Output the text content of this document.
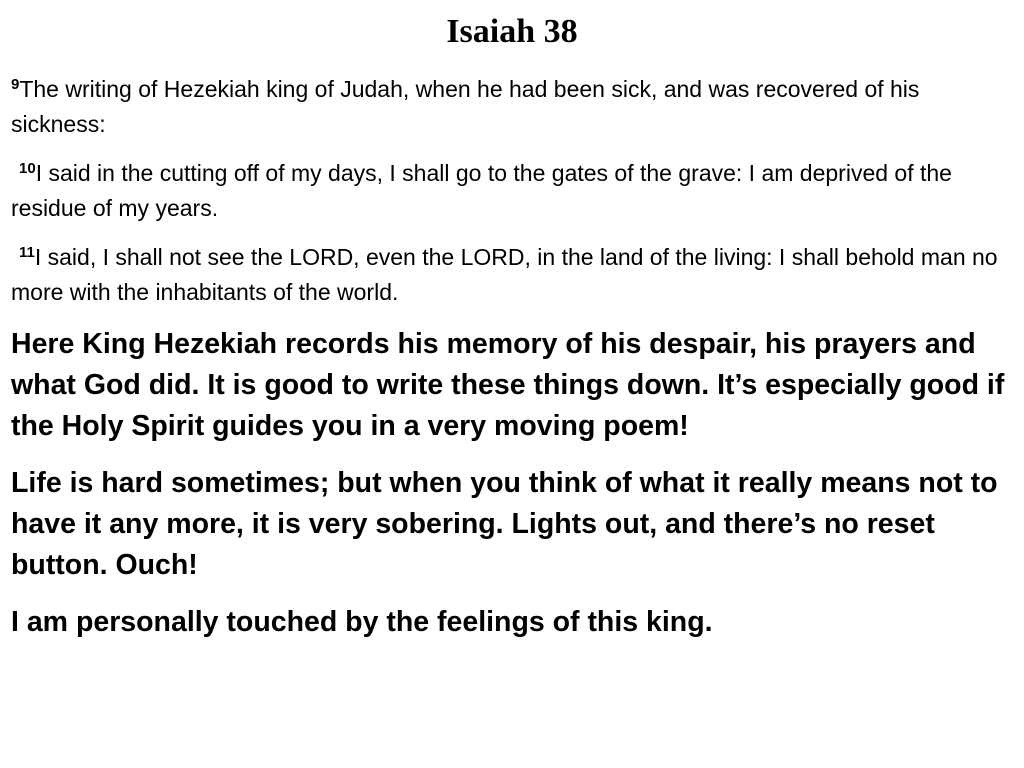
Isaiah 38

$^9$The writing of Hezekiah king of Judah, when he had been sick, and was recovered of his sickness:

$^{10}$I said in the cutting off of my days, I shall go to the gates of the grave: I am deprived of the residue of my years.

$^{11}$I said, I shall not see the LORD, even the LORD, in the land of the living: I shall behold man no more with the inhabitants of the world.

Here King Hezekiah records his memory of his despair, his prayers and what God did. It is good to write these things down. It’s especially good if the Holy Spirit guides you in a very moving poem!

Life is hard sometimes; but when you think of what it really means not to have it any more, it is very sobering. Lights out, and there’s no reset button. Ouch!

I am personally touched by the feelings of this king.
